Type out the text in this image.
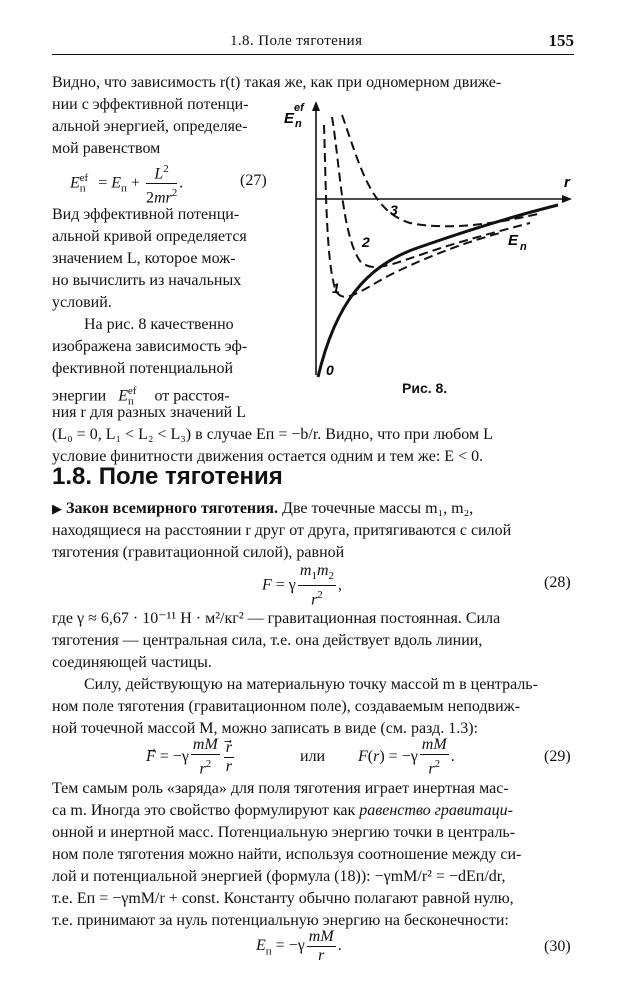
1.8. Поле тяготения	155
Видно, что зависимость r(t) такая же, как при одномерном движе-
нии с эффективной потенци-
альной энергией, определяе-
мой равенством
$E_п^{ef} = E_п + \frac{L^2}{2mr^2}$ .	(27)
Вид эффективной потенци-
альной кривой определяется
значением L, которое мож-
но вычислить из начальных
условий.
На рис. 8 качественно
изображена зависимость эф-
фективной потенциальной
энергии $E_п^{ef}$ от расстоя-
ния r для разных значений L
E n
ef
r
0
1
2
3
E n
Рис. 8.
(L₀ = 0, L₁ < L₂ < L₃) в случае Eп = −b/r. Видно, что при любом L
условие финитности движения остается одним и тем же: E < 0.
1.8. Поле тяготения
▶ Закон всемирного тяготения. Две точечные массы m₁, m₂,
находящиеся на расстоянии r друг от друга, притягиваются с силой
тяготения (гравитационной силой), равной
F = γ $\frac{m_1m_2}{r^2}$ ,	(28)
где γ ≈ 6,67 · 10⁻¹¹ Н · м²/кг² — гравитационная постоянная. Сила
тяготения — центральная сила, т.е. она действует вдоль линии,
соединяющей частицы.
Силу, действующую на материальную точку массой m в централь-
ном поле тяготения (гравитационном поле), создаваемым неподвиж-
ной точечной массой M, можно записать в виде (см. разд. 1.3):
F⃗ = $-\gamma \frac{mM}{r^2} \frac{r}{r}$	или $F(r) = -\gamma \frac{mM}{r^2}$ .	(29)
Тем самым роль «заряда» для поля тяготения играет инертная мас-
са m. Иногда это свойство формулируют как равенство гравитаци-
онной и инертной масс. Потенциальную энергию точки в централь-
ном поле тяготения можно найти, используя соотношение между си-
лой и потенциальной энергией (формула (18)): −γmM/r² = −dEп/dr,
т.е. Eп = −γmM/r + const. Константу обычно полагают равной нулю,
т.е. принимают за нуль потенциальную энергию на бесконечности:
$E_п = -\gamma \frac{mM}{r}$ .	(30)
